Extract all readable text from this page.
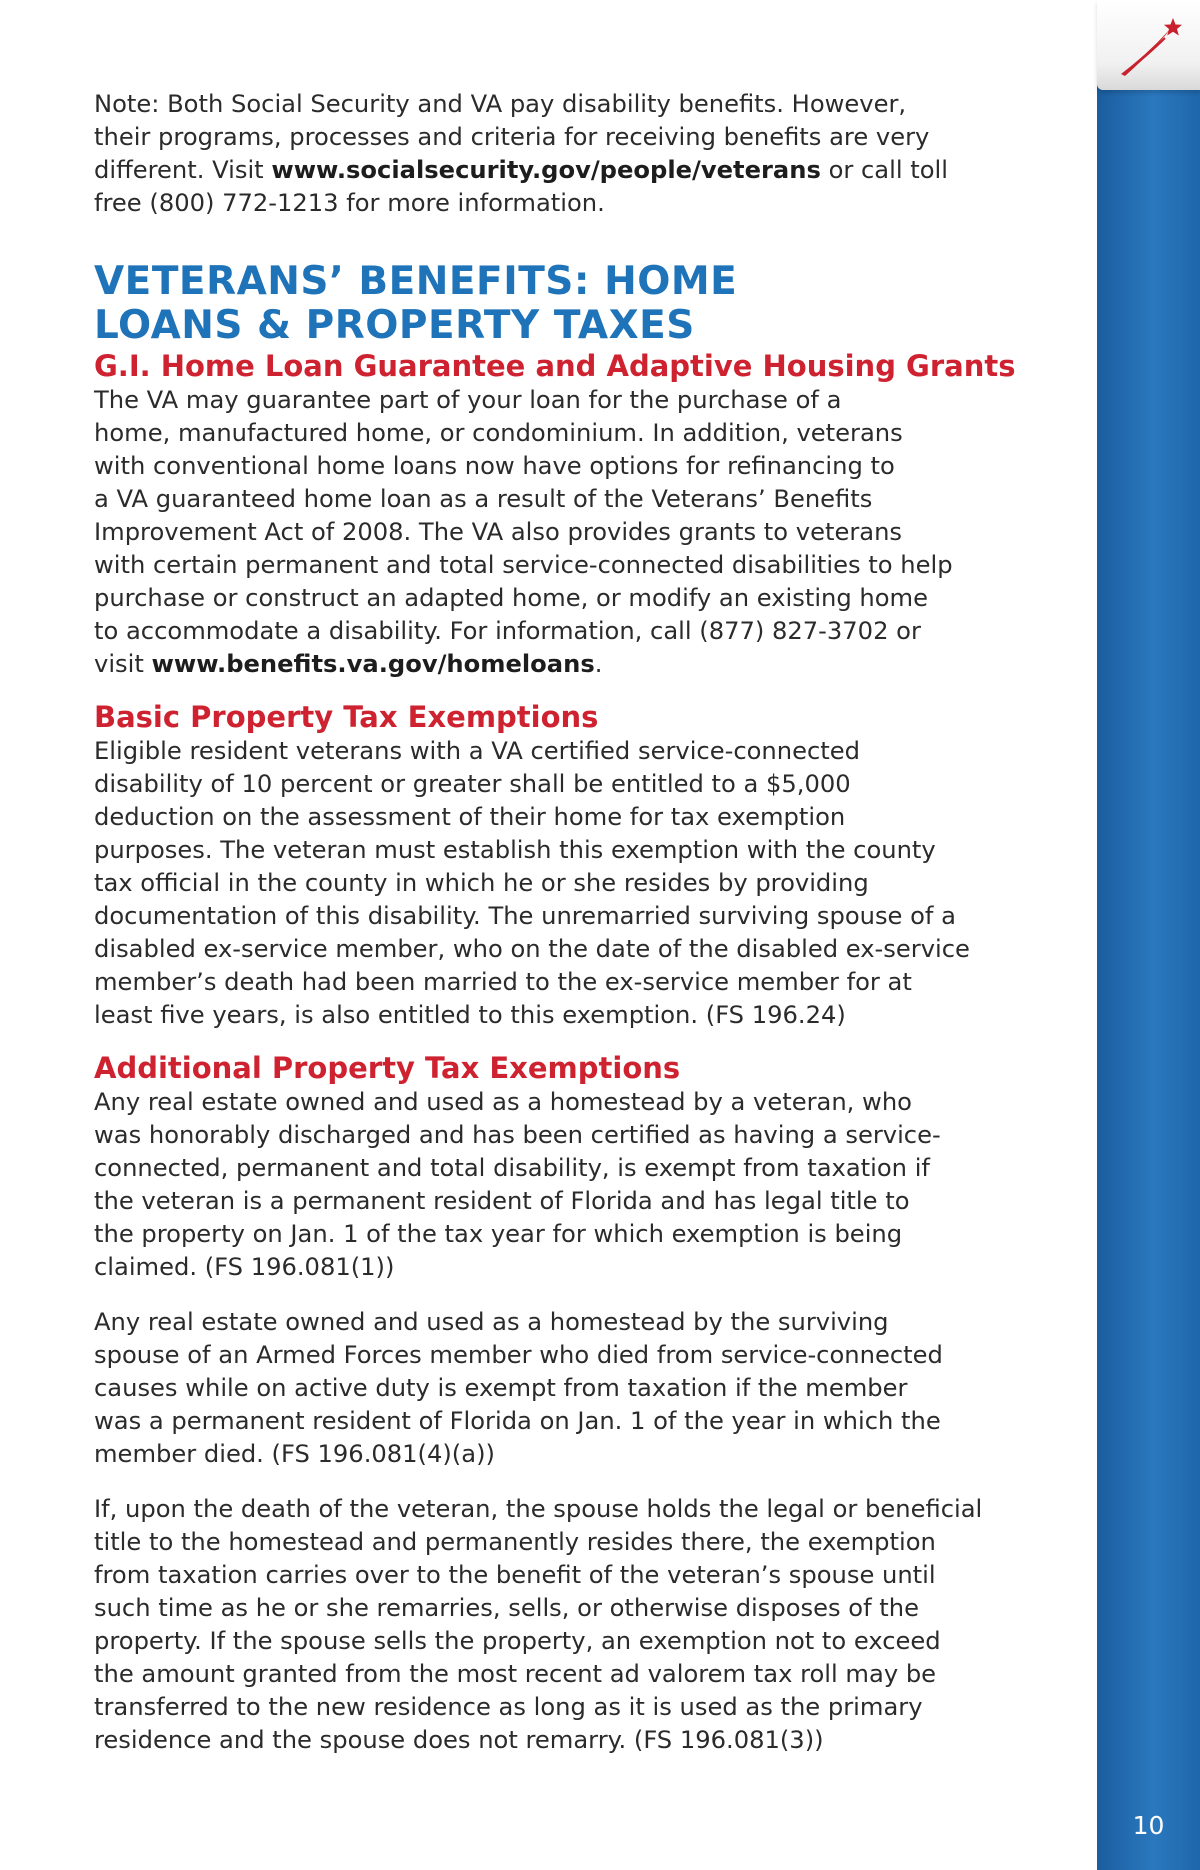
10

Note: Both Social Security and VA pay disability benefits. However,

their programs, processes and criteria for receiving benefits are very

different. Visit www.socialsecurity.gov/people/veterans or call toll

free (800) 772-1213 for more information.

VETERANS’ BENEFITS: HOME
LOANS & PROPERTY TAXES
G.I. Home Loan Guarantee and Adaptive Housing Grants

The VA may guarantee part of your loan for the purchase of a

home, manufactured home, or condominium. In addition, veterans

with conventional home loans now have options for refinancing to

a VA guaranteed home loan as a result of the Veterans’ Benefits

Improvement Act of 2008. The VA also provides grants to veterans

with certain permanent and total service-connected disabilities to help

purchase or construct an adapted home, or modify an existing home

to accommodate a disability. For information, call (877) 827-3702 or

visit www.benefits.va.gov/homeloans.

Basic Property Tax Exemptions

Eligible resident veterans with a VA certified service-connected

disability of 10 percent or greater shall be entitled to a $5,000

deduction on the assessment of their home for tax exemption

purposes. The veteran must establish this exemption with the county

tax official in the county in which he or she resides by providing

documentation of this disability. The unremarried surviving spouse of a

disabled ex-service member, who on the date of the disabled ex-service

member’s death had been married to the ex-service member for at

least five years, is also entitled to this exemption. (FS 196.24)

Additional Property Tax Exemptions

Any real estate owned and used as a homestead by a veteran, who

was honorably discharged and has been certified as having a service-

connected, permanent and total disability, is exempt from taxation if

the veteran is a permanent resident of Florida and has legal title to

the property on Jan. 1 of the tax year for which exemption is being

claimed. (FS 196.081(1))

Any real estate owned and used as a homestead by the surviving

spouse of an Armed Forces member who died from service-connected

causes while on active duty is exempt from taxation if the member

was a permanent resident of Florida on Jan. 1 of the year in which the

member died. (FS 196.081(4)(a))

If, upon the death of the veteran, the spouse holds the legal or beneficial

title to the homestead and permanently resides there, the exemption

from taxation carries over to the benefit of the veteran’s spouse until

such time as he or she remarries, sells, or otherwise disposes of the

property. If the spouse sells the property, an exemption not to exceed

the amount granted from the most recent ad valorem tax roll may be

transferred to the new residence as long as it is used as the primary

residence and the spouse does not remarry. (FS 196.081(3))
